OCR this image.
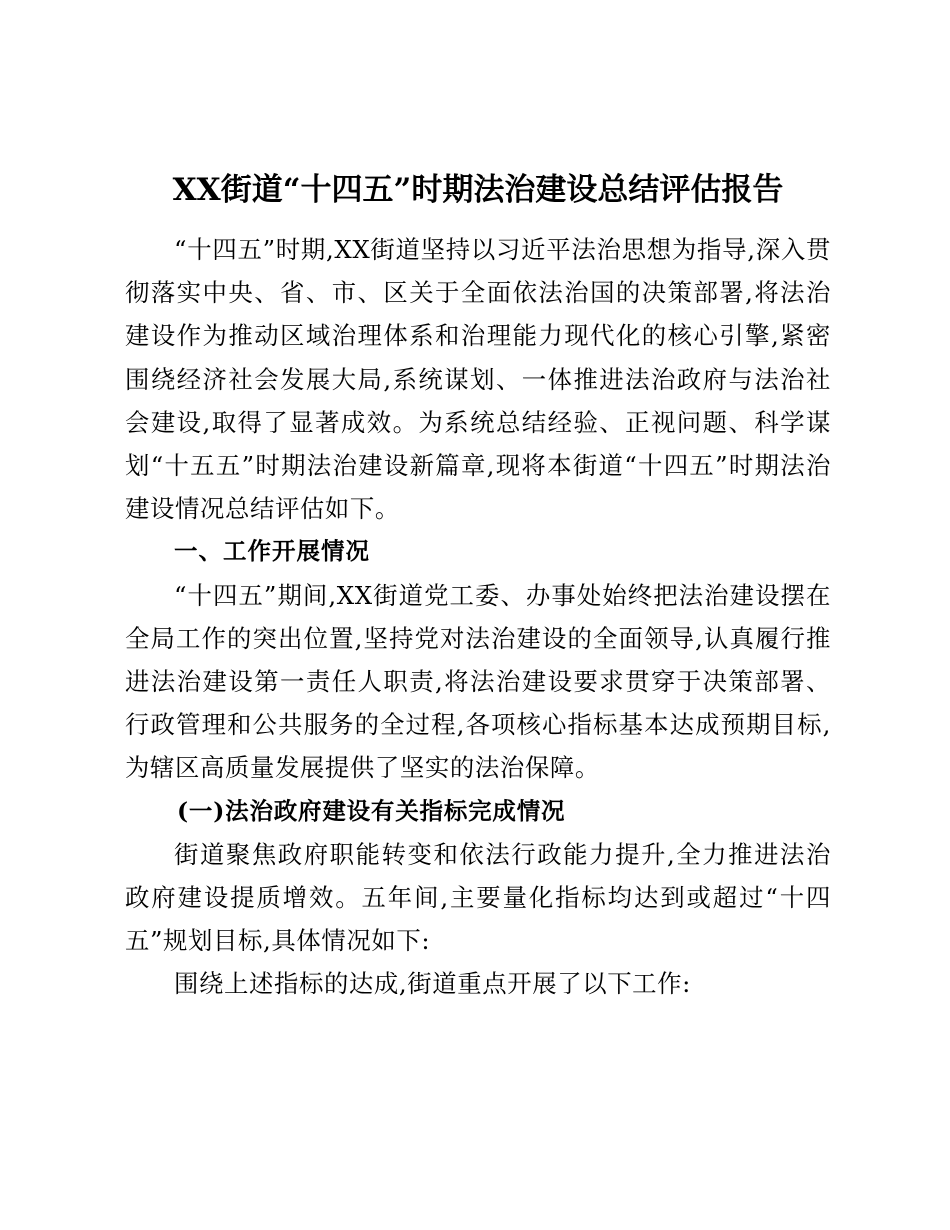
XX街道“十四五”时期法治建设总结评估报告

“十四五”时期,XX街道坚持以习近平法治思想为指导,深入贯彻落实中央、省、市、区关于全面依法治国的决策部署,将法治建设作为推动区域治理体系和治理能力现代化的核心引擎,紧密围绕经济社会发展大局,系统谋划、一体推进法治政府与法治社会建设,取得了显著成效。为系统总结经验、正视问题、科学谋划“十五五”时期法治建设新篇章,现将本街道“十四五”时期法治建设情况总结评估如下。

一、工作开展情况

“十四五”期间,XX街道党工委、办事处始终把法治建设摆在全局工作的突出位置,坚持党对法治建设的全面领导,认真履行推进法治建设第一责任人职责,将法治建设要求贯穿于决策部署、行政管理和公共服务的全过程,各项核心指标基本达成预期目标,为辖区高质量发展提供了坚实的法治保障。

(一)法治政府建设有关指标完成情况

街道聚焦政府职能转变和依法行政能力提升,全力推进法治政府建设提质增效。五年间,主要量化指标均达到或超过“十四五”规划目标,具体情况如下:

围绕上述指标的达成,街道重点开展了以下工作:
